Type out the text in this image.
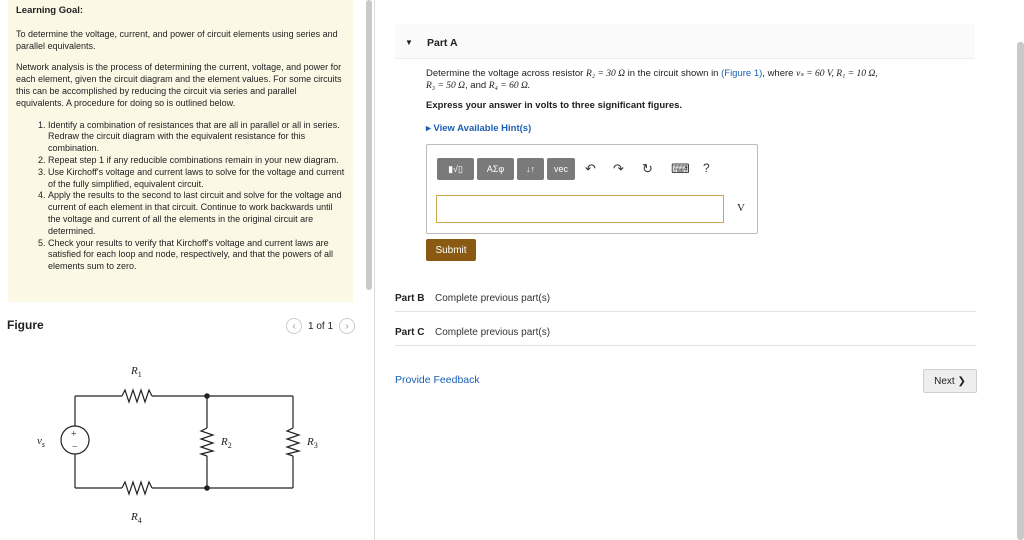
Learning Goal:

To determine the voltage, current, and power of circuit elements using series and parallel equivalents.

Network analysis is the process of determining the current, voltage, and power for each element, given the circuit diagram and the element values. For some circuits this can be accomplished by reducing the circuit via series and parallel equivalents. A procedure for doing so is outlined below.

1. Identify a combination of resistances that are all in parallel or all in series. Redraw the circuit diagram with the equivalent resistance for this combination.
2. Repeat step 1 if any reducible combinations remain in your new diagram.
3. Use Kirchoff's voltage and current laws to solve for the voltage and current of the fully simplified, equivalent circuit.
4. Apply the results to the second to last circuit and solve for the voltage and current of each element in that circuit. Continue to work backwards until the voltage and current of all the elements in the original circuit are determined.
5. Check your results to verify that Kirchoff's voltage and current laws are satisfied for each loop and node, respectively, and that the powers of all elements sum to zero.
Figure	‹	1 of 1	›
+
−
$R_1$
$R_4$
$R_2$	$R_3$
$v_s$
▼ Part A
Determine the voltage across resistor R₂ = 30 Ω in the circuit shown in (Figure 1), where vₛ = 60 V, R₁ = 10 Ω,
R₃ = 50 Ω, and R₄ = 60 Ω.
Express your answer in volts to three significant figures.
▸ View Available Hint(s)
▮√▯	ΑΣφ	↓↑	vec	↶ ↷ ↻ ⌨ ?
V
Submit
Part B Complete previous part(s)
Part C Complete previous part(s)
Provide Feedback	Next ❯
